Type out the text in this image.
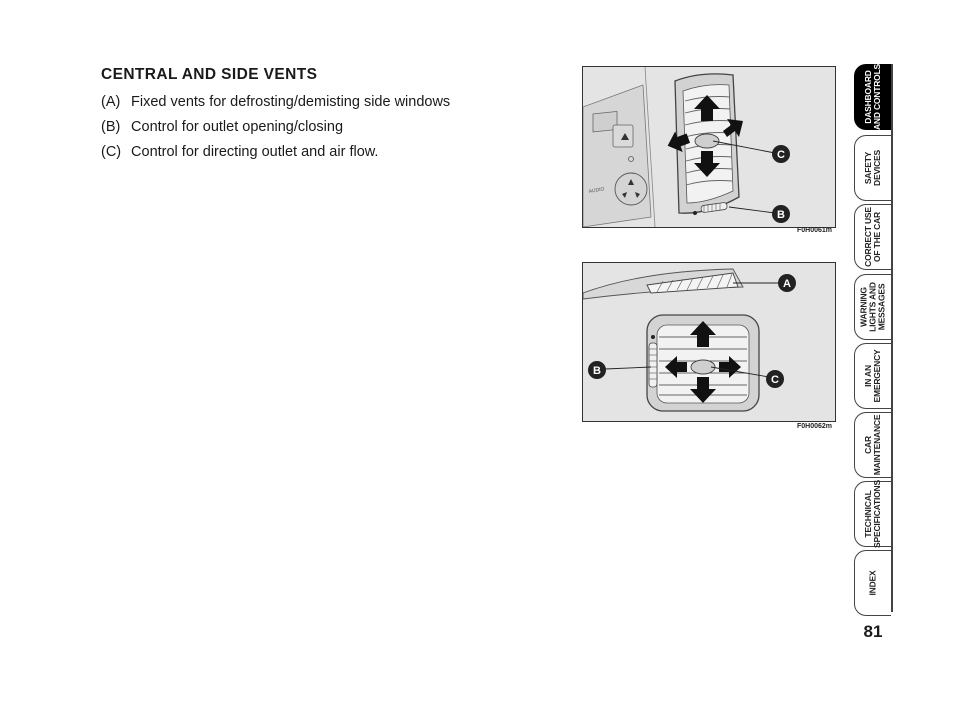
CENTRAL AND SIDE VENTS
(A) Fixed vents for defrosting/demisting side windows
(B) Control for outlet opening/closing
(C) Control for directing outlet and air flow.
AUDIO
C
B
F0H0061m
A
B
C
F0H0062m
DASHBOARD
AND CONTROLS
SAFETY
DEVICES
CORRECT USE
OF THE CAR
WARNING
LIGHTS AND
MESSAGES
IN AN
EMERGENCY
CAR
MAINTENANCE
TECHNICAL
SPECIFICATIONS
INDEX
81
